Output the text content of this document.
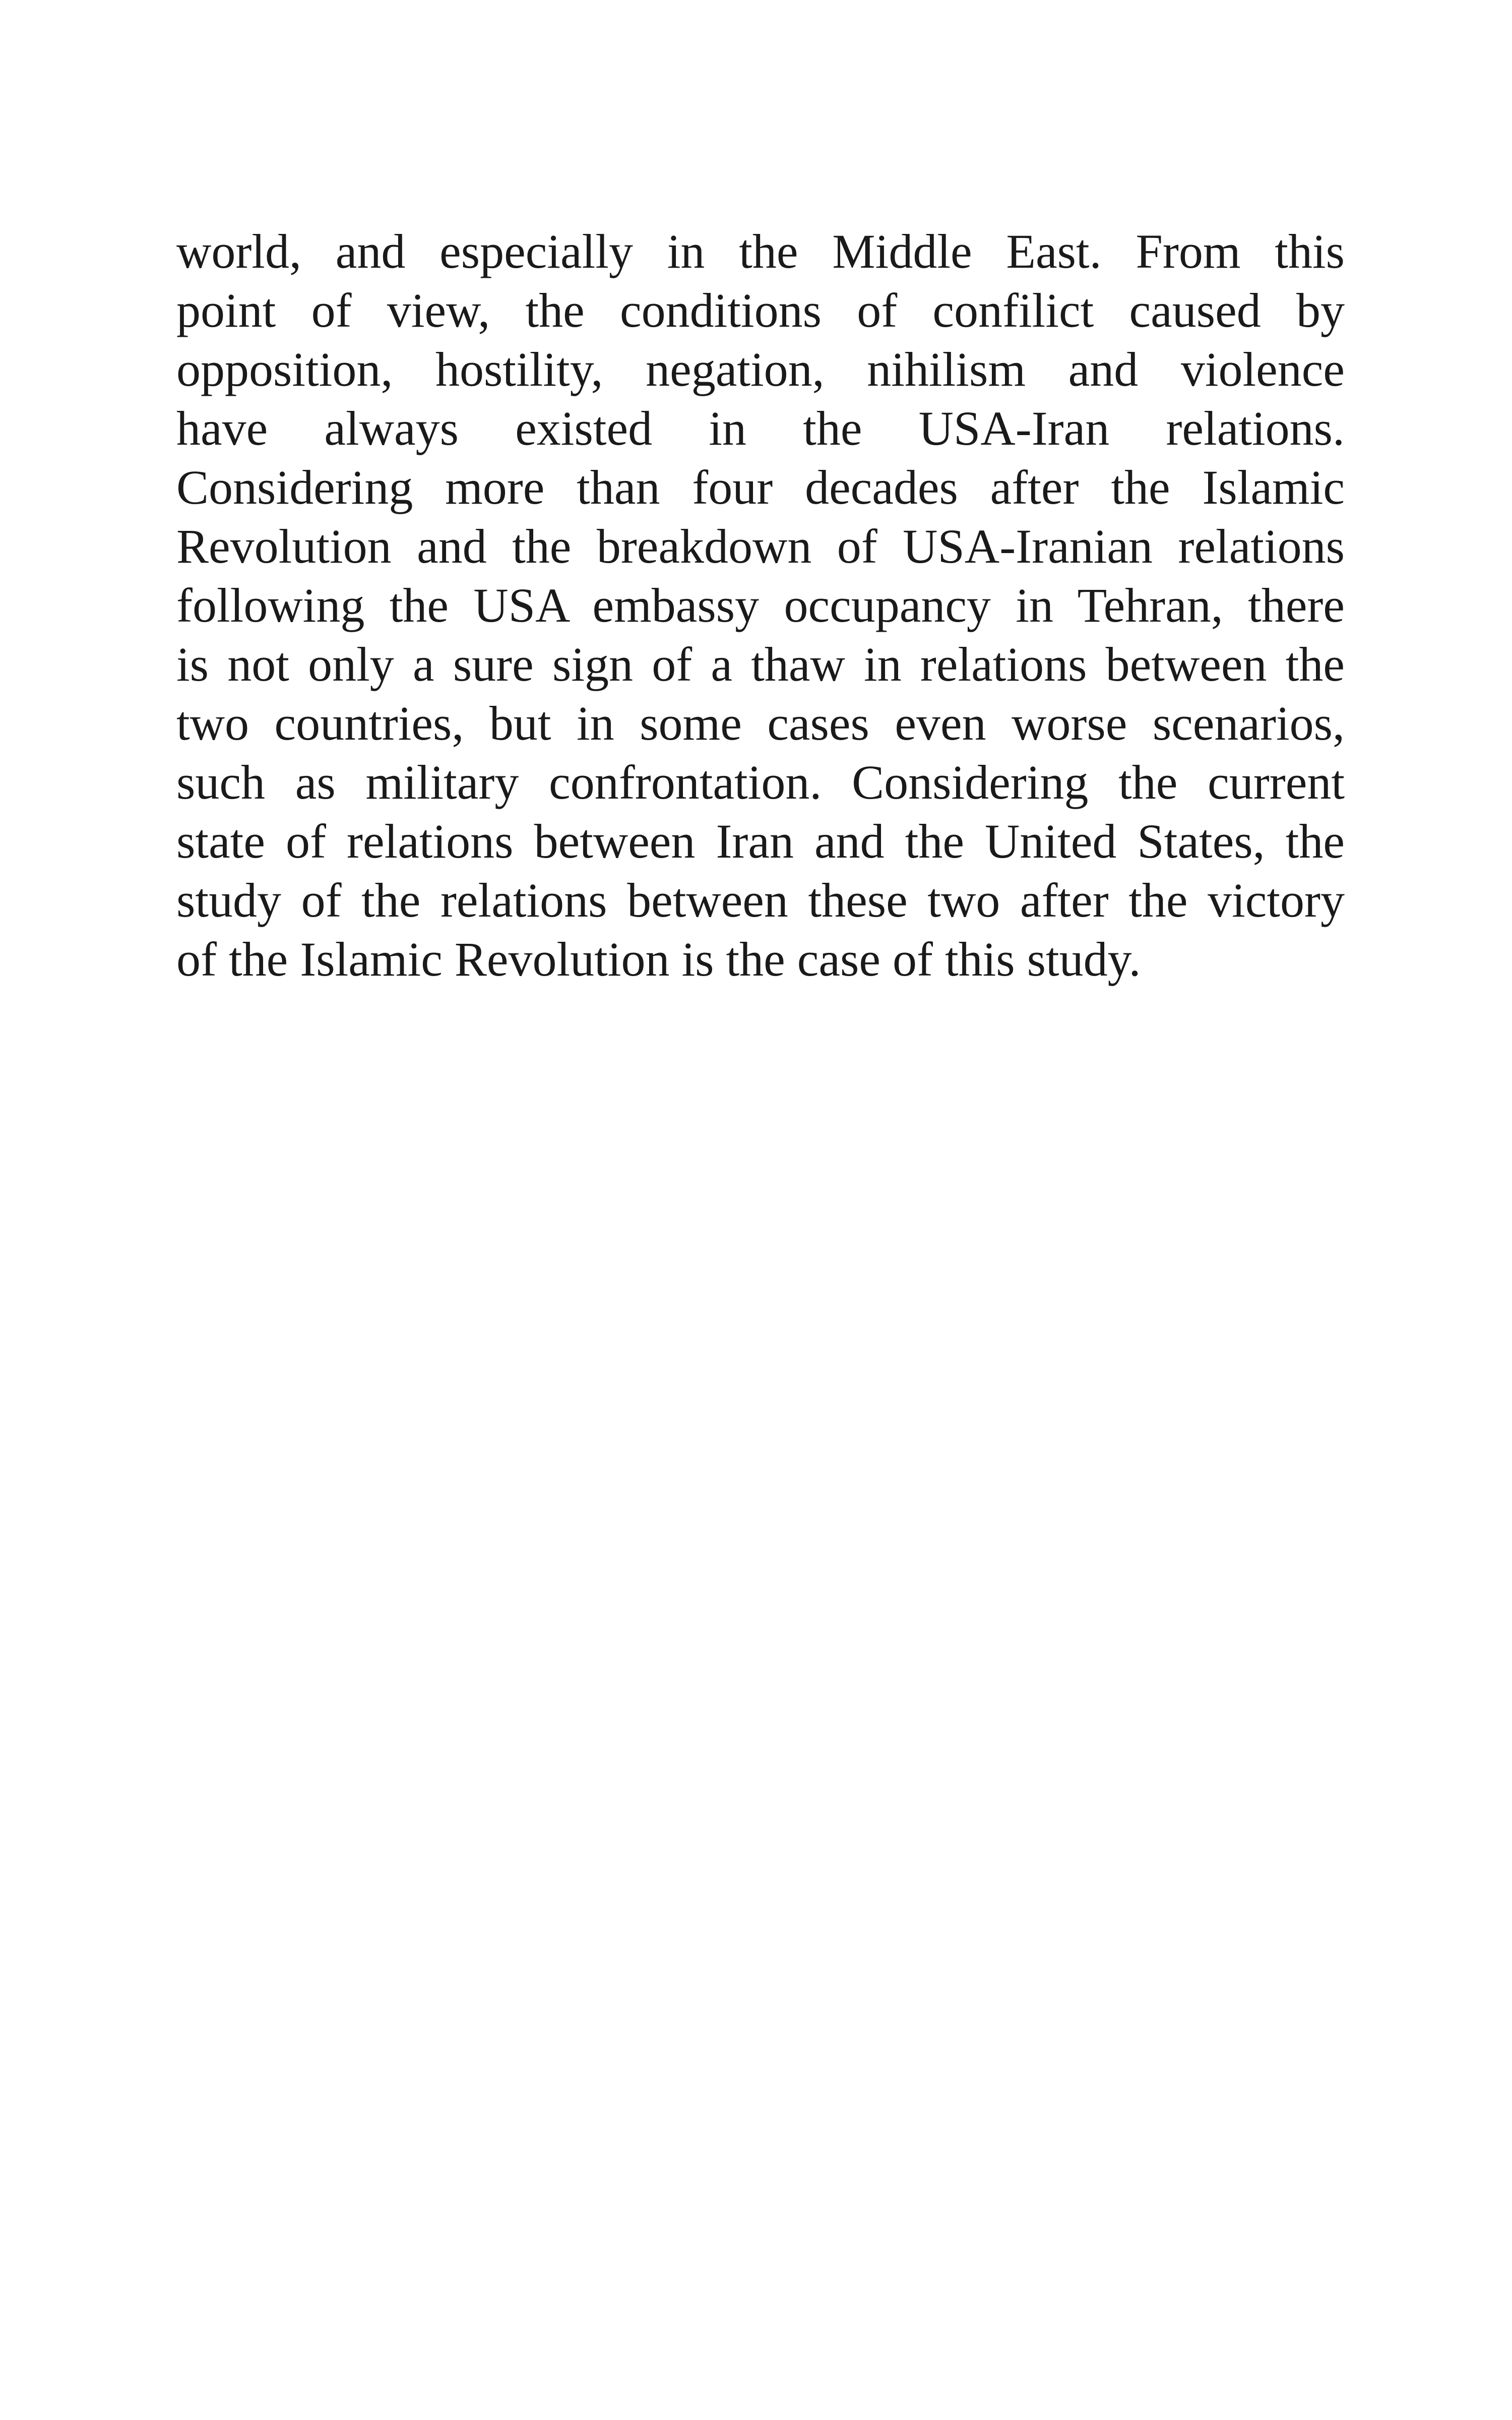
world, and especially in the Middle East. From this
point of view, the conditions of confilict caused by
opposition, hostility, negation, nihilism and violence
have always existed in the USA-Iran relations.
Considering more than four decades after the Islamic
Revolution and the breakdown of USA-Iranian relations
following the USA embassy occupancy in Tehran, there
is not only a sure sign of a thaw in relations between the
two countries, but in some cases even worse scenarios,
such as military confrontation. Considering the current
state of relations between Iran and the United States, the
study of the relations between these two after the victory
of the Islamic Revolution is the case of this study.
